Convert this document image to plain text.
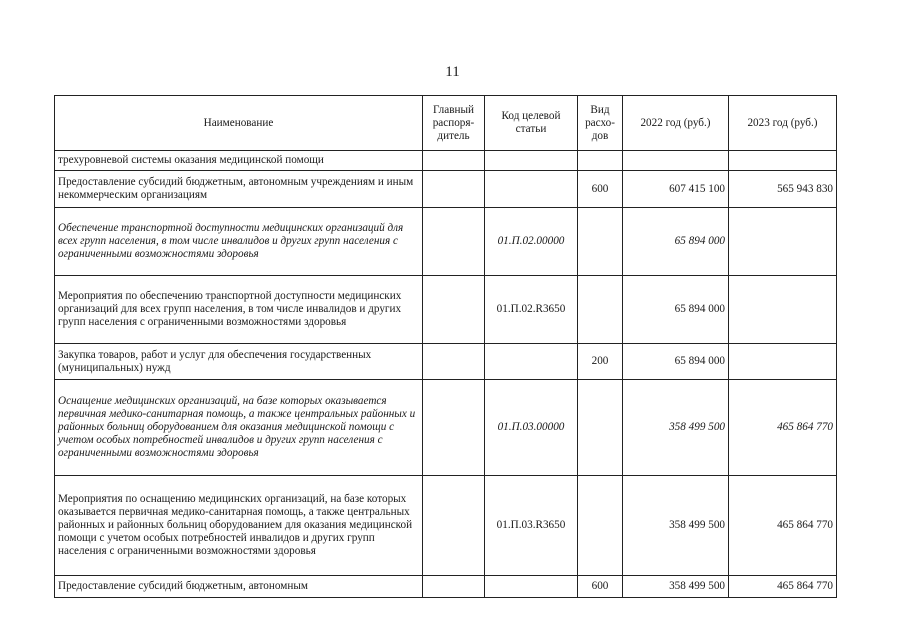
11
Наименование	Главный распоря-дитель	Код целевой статьи	Вид расхо-дов	2022 год (руб.)	2023 год (руб.)
трехуровневой системы оказания медицинской помощи					
Предоставление субсидий бюджетным, автономным учреждениям и иным некоммерческим организациям			600	607 415 100	565 943 830
Обеспечение транспортной доступности медицинских организаций для всех групп населения, в том числе инвалидов и других групп населения с ограниченными возможностями здоровья		01.П.02.00000		65 894 000	
Мероприятия по обеспечению транспортной доступности медицинских организаций для всех групп населения, в том числе инвалидов и других групп населения с ограниченными возможностями здоровья		01.П.02.R3650		65 894 000	
Закупка товаров, работ и услуг для обеспечения государственных (муниципальных) нужд			200	65 894 000	
Оснащение медицинских организаций, на базе которых оказывается первичная медико-санитарная помощь, а также центральных районных и районных больниц оборудованием для оказания медицинской помощи с учетом особых потребностей инвалидов и других групп населения с ограниченными возможностями здоровья		01.П.03.00000		358 499 500	465 864 770
Мероприятия по оснащению медицинских организаций, на базе которых оказывается первичная медико-санитарная помощь, а также центральных районных и районных больниц оборудованием для оказания медицинской помощи с учетом особых потребностей инвалидов и других групп населения с ограниченными возможностями здоровья		01.П.03.R3650		358 499 500	465 864 770
Предоставление субсидий бюджетным, автономным			600	358 499 500	465 864 770
